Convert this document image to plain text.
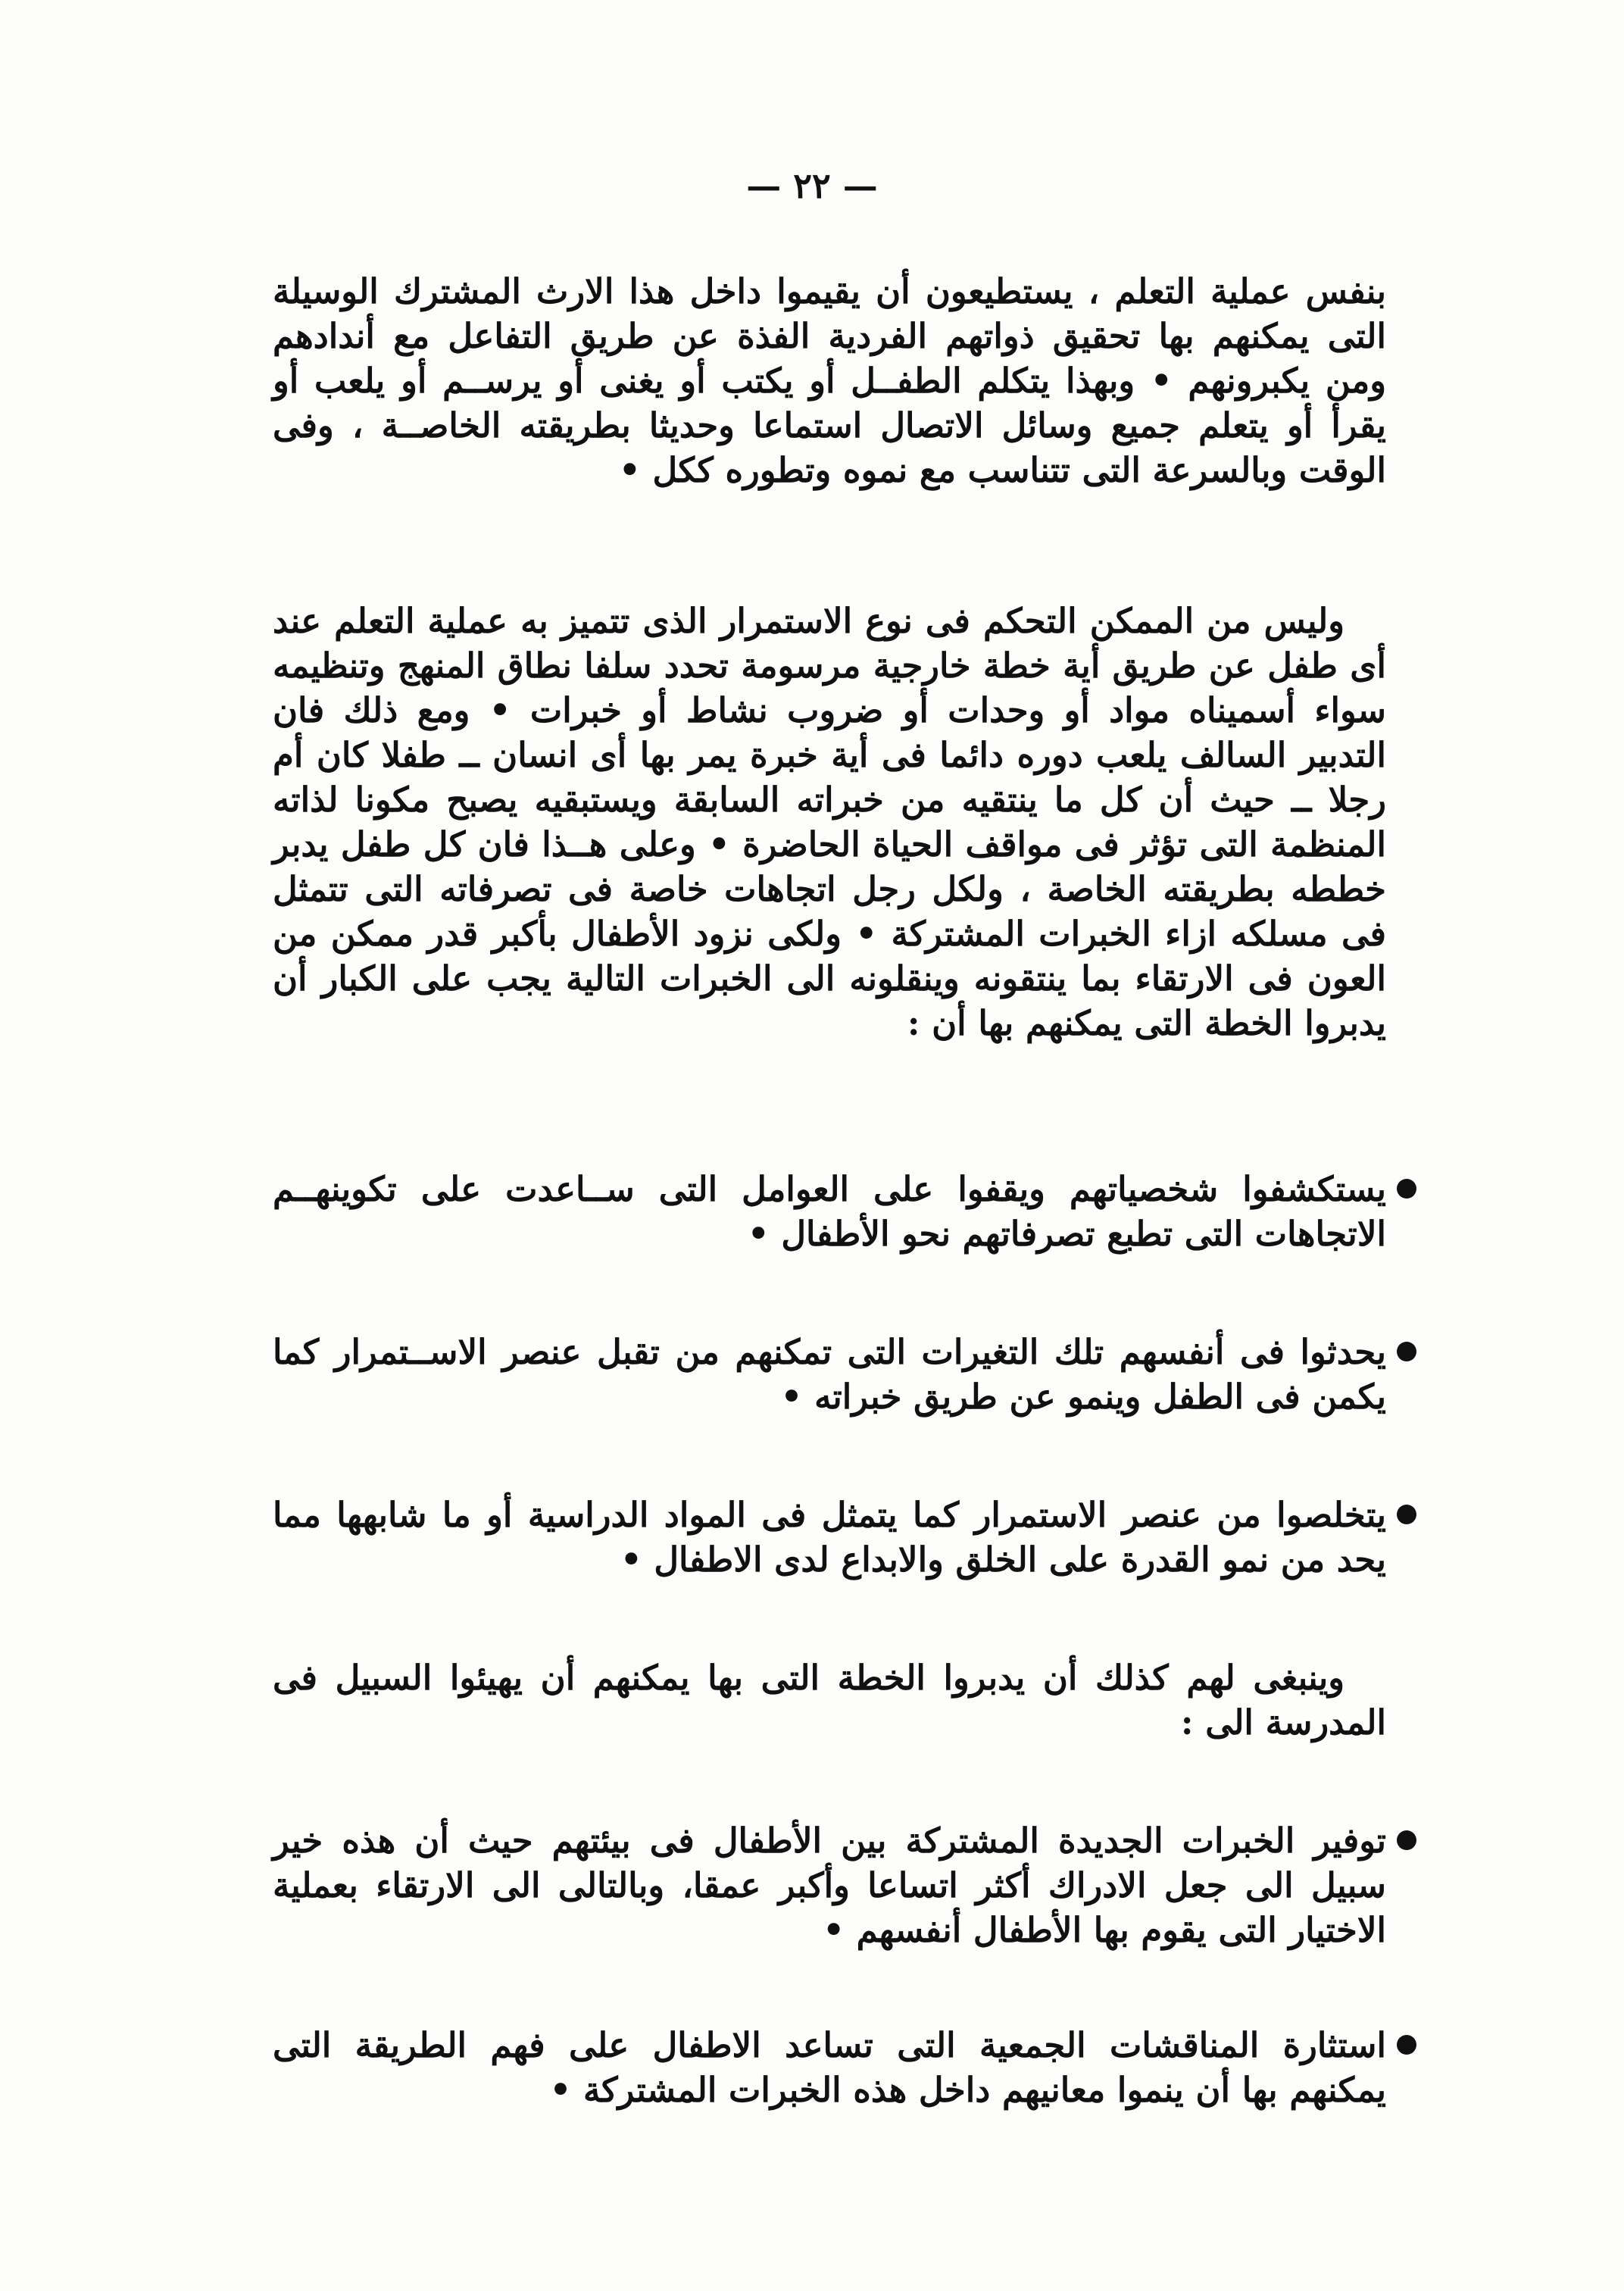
— ٢٢ —

بنفس عملية التعلم ، يستطيعون أن يقيموا داخل هذا الارث المشترك الوسيلة التى يمكنهم بها تحقيق ذواتهم الفردية الفذة عن طريق التفاعل مع أندادهم ومن يكبرونهم • وبهذا يتكلم الطفــل أو يكتب أو يغنى أو يرســم أو يلعب أو يقرأ أو يتعلم جميع وسائل الاتصال استماعا وحديثا بطريقته الخاصــة ، وفى الوقت وبالسرعة التى تتناسب مع نموه وتطوره ككل •

وليس من الممكن التحكم فى نوع الاستمرار الذى تتميز به عملية التعلم عند أى طفل عن طريق أية خطة خارجية مرسومة تحدد سلفا نطاق المنهج وتنظيمه سواء أسميناه مواد أو وحدات أو ضروب نشاط أو خبرات • ومع ذلك فان التدبير السالف يلعب دوره دائما فى أية خبرة يمر بها أى انسان ــ طفلا كان أم رجلا ــ حيث أن كل ما ينتقيه من خبراته السابقة ويستبقيه يصبح مكونا لذاته المنظمة التى تؤثر فى مواقف الحياة الحاضرة • وعلى هــذا فان كل طفل يدبر خططه بطريقته الخاصة ، ولكل رجل اتجاهات خاصة فى تصرفاته التى تتمثل فى مسلكه ازاء الخبرات المشتركة • ولكى نزود الأطفال بأكبر قدر ممكن من العون فى الارتقاء بما ينتقونه وينقلونه الى الخبرات التالية يجب على الكبار أن يدبروا الخطة التى يمكنهم بها أن :

يستكشفوا شخصياتهم ويقفوا على العوامل التى ســاعدت على تكوينهــم الاتجاهات التى تطبع تصرفاتهم نحو الأطفال •
يحدثوا فى أنفسهم تلك التغيرات التى تمكنهم من تقبل عنصر الاســتمرار كما يكمن فى الطفل وينمو عن طريق خبراته •
يتخلصوا من عنصر الاستمرار كما يتمثل فى المواد الدراسية أو ما شابهها مما يحد من نمو القدرة على الخلق والابداع لدى الاطفال •

وينبغى لهم كذلك أن يدبروا الخطة التى بها يمكنهم أن يهيئوا السبيل فى المدرسة الى :

توفير الخبرات الجديدة المشتركة بين الأطفال فى بيئتهم حيث أن هذه خير سبيل الى جعل الادراك أكثر اتساعا وأكبر عمقا، وبالتالى الى الارتقاء بعملية الاختيار التى يقوم بها الأطفال أنفسهم •
استثارة المناقشات الجمعية التى تساعد الاطفال على فهم الطريقة التى يمكنهم بها أن ينموا معانيهم داخل هذه الخبرات المشتركة •
